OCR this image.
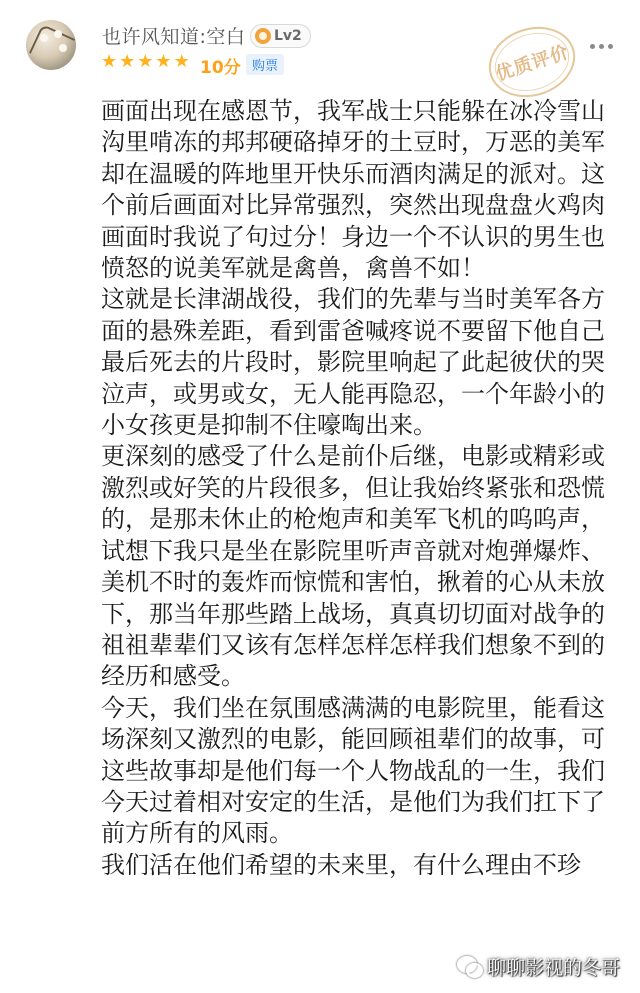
也许风知道:空白 Lv2
★ ★ ★ ★ ★ 10分 购票	优质评价

画面出现在感恩节，我军战士只能躲在冰冷雪山沟里啃冻的邦邦硬硌掉牙的土豆时，万恶的美军却在温暖的阵地里开快乐而酒肉满足的派对。这个前后画面对比异常强烈，突然出现盘盘火鸡肉画面时我说了句过分！身边一个不认识的男生也愤怒的说美军就是禽兽，禽兽不如！

这就是长津湖战役，我们的先辈与当时美军各方面的悬殊差距，看到雷爸喊疼说不要留下他自己最后死去的片段时，影院里响起了此起彼伏的哭泣声，或男或女，无人能再隐忍，一个年龄小的小女孩更是抑制不住嚎啕出来。

更深刻的感受了什么是前仆后继，电影或精彩或激烈或好笑的片段很多，但让我始终紧张和恐慌的，是那未休止的枪炮声和美军飞机的呜呜声，试想下我只是坐在影院里听声音就对炮弹爆炸、美机不时的轰炸而惊慌和害怕，揪着的心从未放下，那当年那些踏上战场，真真切切面对战争的祖祖辈辈们又该有怎样怎样怎样我们想象不到的经历和感受。

今天，我们坐在氛围感满满的电影院里，能看这场深刻又激烈的电影，能回顾祖辈们的故事，可这些故事却是他们每一个人物战乱的一生，我们今天过着相对安定的生活，是他们为我们扛下了前方所有的风雨。

我们活在他们希望的未来里，有什么理由不珍

聊聊影视的冬哥
